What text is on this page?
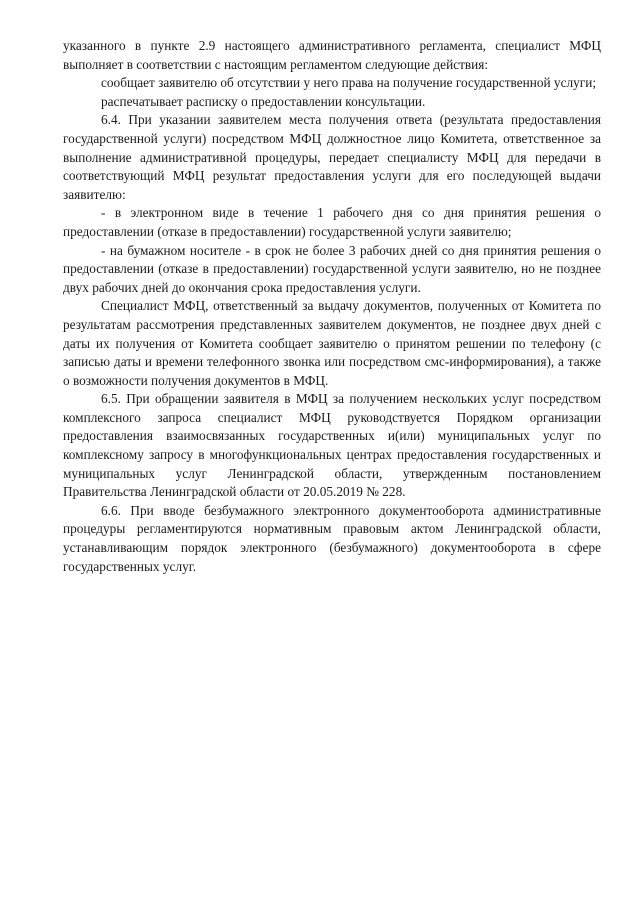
указанного в пункте 2.9 настоящего административного регламента, специалист МФЦ выполняет в соответствии с настоящим регламентом следующие действия:

сообщает заявителю об отсутствии у него права на получение государственной услуги;

распечатывает расписку о предоставлении консультации.

6.4. При указании заявителем места получения ответа (результата предоставления государственной услуги) посредством МФЦ должностное лицо Комитета, ответственное за выполнение административной процедуры, передает специалисту МФЦ для передачи в соответствующий МФЦ результат предоставления услуги для его последующей выдачи заявителю:

- в электронном виде в течение 1 рабочего дня со дня принятия решения о предоставлении (отказе в предоставлении) государственной услуги заявителю;

- на бумажном носителе - в срок не более 3 рабочих дней со дня принятия решения о предоставлении (отказе в предоставлении) государственной услуги заявителю, но не позднее двух рабочих дней до окончания срока предоставления услуги.

Специалист МФЦ, ответственный за выдачу документов, полученных от Комитета по результатам рассмотрения представленных заявителем документов, не позднее двух дней с даты их получения от Комитета сообщает заявителю о принятом решении по телефону (с записью даты и времени телефонного звонка или посредством смс-информирования), а также о возможности получения документов в МФЦ.

6.5. При обращении заявителя в МФЦ за получением нескольких услуг посредством комплексного запроса специалист МФЦ руководствуется Порядком организации предоставления взаимосвязанных государственных и(или) муниципальных услуг по комплексному запросу в многофункциональных центрах предоставления государственных и муниципальных услуг Ленинградской области, утвержденным постановлением Правительства Ленинградской области от 20.05.2019 № 228.

6.6. При вводе безбумажного электронного документооборота административные процедуры регламентируются нормативным правовым актом Ленинградской области, устанавливающим порядок электронного (безбумажного) документооборота в сфере государственных услуг.
